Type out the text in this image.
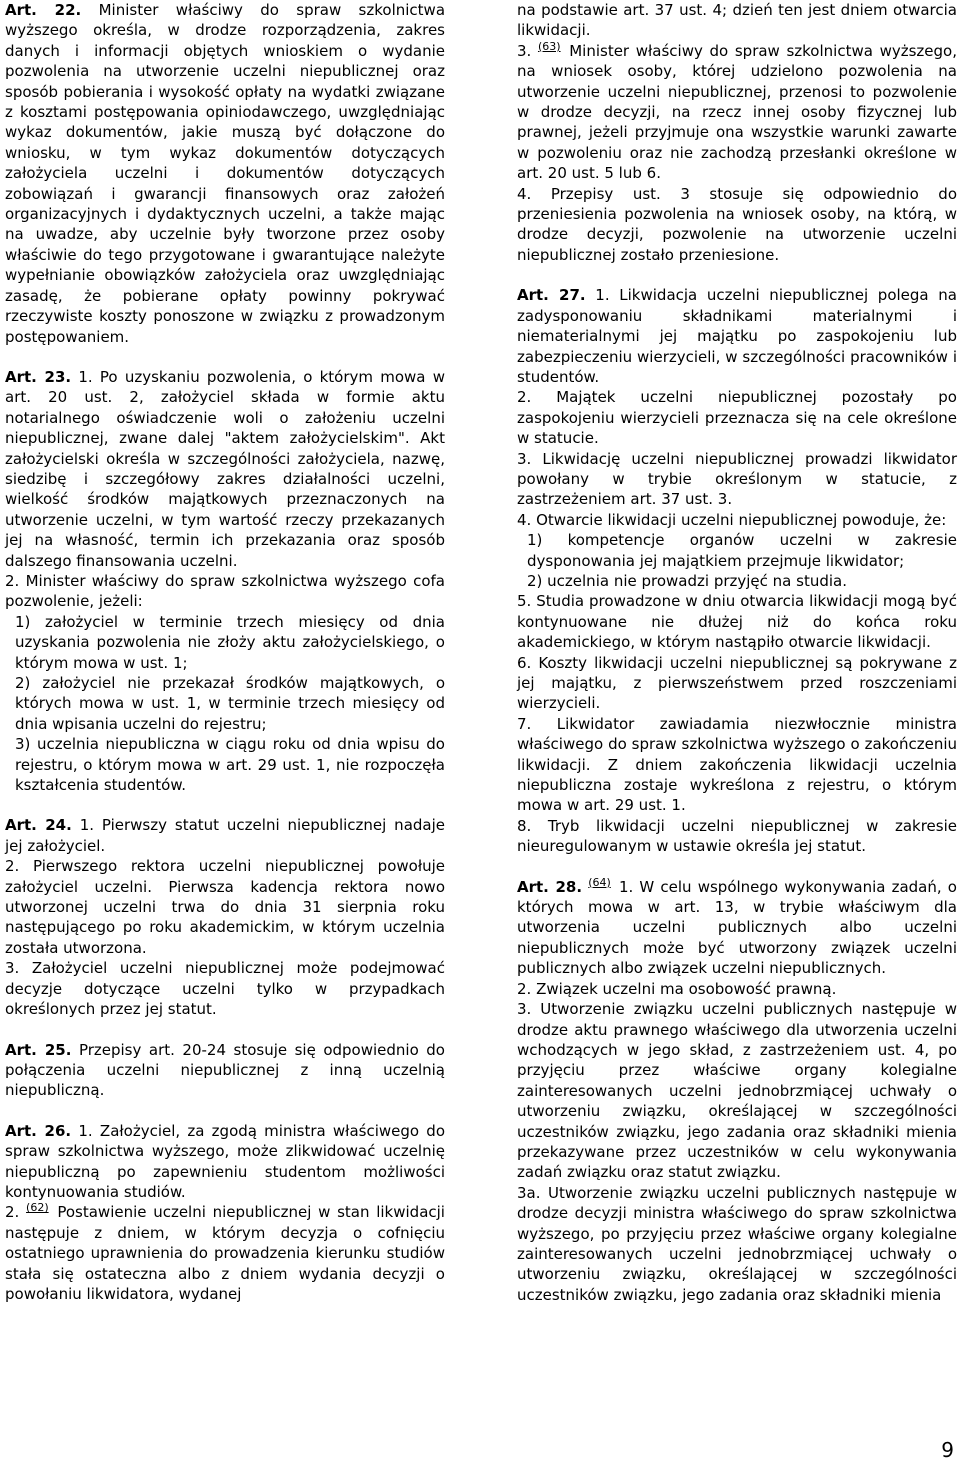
Art. 22. Minister właściwy do spraw szkolnictwa wyższego określa, w drodze rozporządzenia, zakres danych i informacji objętych wnioskiem o wydanie pozwolenia na utworzenie uczelni niepublicznej oraz sposób pobierania i wysokość opłaty na wydatki związane z kosztami postępowania opiniodawczego, uwzględniając wykaz dokumentów, jakie muszą być dołączone do wniosku, w tym wykaz dokumentów dotyczących założyciela uczelni i dokumentów dotyczących zobowiązań i gwarancji finansowych oraz założeń organizacyjnych i dydaktycznych uczelni, a także mając na uwadze, aby uczelnie były tworzone przez osoby właściwie do tego przygotowane i gwarantujące należyte wypełnianie obowiązków założyciela oraz uwzględniając zasadę, że pobierane opłaty powinny pokrywać rzeczywiste koszty ponoszone w związku z prowadzonym postępowaniem.

Art. 23. 1. Po uzyskaniu pozwolenia, o którym mowa w art. 20 ust. 2, założyciel składa w formie aktu notarialnego oświadczenie woli o założeniu uczelni niepublicznej, zwane dalej "aktem założycielskim". Akt założycielski określa w szczególności założyciela, nazwę, siedzibę i szczegółowy zakres działalności uczelni, wielkość środków majątkowych przeznaczonych na utworzenie uczelni, w tym wartość rzeczy przekazanych jej na własność, termin ich przekazania oraz sposób dalszego finansowania uczelni.

2. Minister właściwy do spraw szkolnictwa wyższego cofa pozwolenie, jeżeli:

1) założyciel w terminie trzech miesięcy od dnia uzyskania pozwolenia nie złoży aktu założycielskiego, o którym mowa w ust. 1;

2) założyciel nie przekazał środków majątkowych, o których mowa w ust. 1, w terminie trzech miesięcy od dnia wpisania uczelni do rejestru;

3) uczelnia niepubliczna w ciągu roku od dnia wpisu do rejestru, o którym mowa w art. 29 ust. 1, nie rozpoczęła kształcenia studentów.

Art. 24. 1. Pierwszy statut uczelni niepublicznej nadaje jej założyciel.

2. Pierwszego rektora uczelni niepublicznej powołuje założyciel uczelni. Pierwsza kadencja rektora nowo utworzonej uczelni trwa do dnia 31 sierpnia roku następującego po roku akademickim, w którym uczelnia została utworzona.

3. Założyciel uczelni niepublicznej może podejmować decyzje dotyczące uczelni tylko w przypadkach określonych przez jej statut.

Art. 25. Przepisy art. 20-24 stosuje się odpowiednio do połączenia uczelni niepublicznej z inną uczelnią niepubliczną.

Art. 26. 1. Założyciel, za zgodą ministra właściwego do spraw szkolnictwa wyższego, może zlikwidować uczelnię niepubliczną po zapewnieniu studentom możliwości kontynuowania studiów.

2. $^{(62)}$ Postawienie uczelni niepublicznej w stan likwidacji następuje z dniem, w którym decyzja o cofnięciu ostatniego uprawnienia do prowadzenia kierunku studiów stała się ostateczna albo z dniem wydania decyzji o powołaniu likwidatora, wydanej

na podstawie art. 37 ust. 4; dzień ten jest dniem otwarcia likwidacji.

3. $^{(63)}$ Minister właściwy do spraw szkolnictwa wyższego, na wniosek osoby, której udzielono pozwolenia na utworzenie uczelni niepublicznej, przenosi to pozwolenie w drodze decyzji, na rzecz innej osoby fizycznej lub prawnej, jeżeli przyjmuje ona wszystkie warunki zawarte w pozwoleniu oraz nie zachodzą przesłanki określone w art. 20 ust. 5 lub 6.

4. Przepisy ust. 3 stosuje się odpowiednio do przeniesienia pozwolenia na wniosek osoby, na którą, w drodze decyzji, pozwolenie na utworzenie uczelni niepublicznej zostało przeniesione.

Art. 27. 1. Likwidacja uczelni niepublicznej polega na zadysponowaniu składnikami materialnymi i niematerialnymi jej majątku po zaspokojeniu lub zabezpieczeniu wierzycieli, w szczególności pracowników i studentów.

2. Majątek uczelni niepublicznej pozostały po zaspokojeniu wierzycieli przeznacza się na cele określone w statucie.

3. Likwidację uczelni niepublicznej prowadzi likwidator powołany w trybie określonym w statucie, z zastrzeżeniem art. 37 ust. 3.

4. Otwarcie likwidacji uczelni niepublicznej powoduje, że:

1) kompetencje organów uczelni w zakresie dysponowania jej majątkiem przejmuje likwidator;

2) uczelnia nie prowadzi przyjęć na studia.

5. Studia prowadzone w dniu otwarcia likwidacji mogą być kontynuowane nie dłużej niż do końca roku akademickiego, w którym nastąpiło otwarcie likwidacji.

6. Koszty likwidacji uczelni niepublicznej są pokrywane z jej majątku, z pierwszeństwem przed roszczeniami wierzycieli.

7. Likwidator zawiadamia niezwłocznie ministra właściwego do spraw szkolnictwa wyższego o zakończeniu likwidacji. Z dniem zakończenia likwidacji uczelnia niepubliczna zostaje wykreślona z rejestru, o którym mowa w art. 29 ust. 1.

8. Tryb likwidacji uczelni niepublicznej w zakresie nieuregulowanym w ustawie określa jej statut.

Art. 28. $^{(64)}$ 1. W celu wspólnego wykonywania zadań, o których mowa w art. 13, w trybie właściwym dla utworzenia uczelni publicznych albo uczelni niepublicznych może być utworzony związek uczelni publicznych albo związek uczelni niepublicznych.

2. Związek uczelni ma osobowość prawną.

3. Utworzenie związku uczelni publicznych następuje w drodze aktu prawnego właściwego dla utworzenia uczelni wchodzących w jego skład, z zastrzeżeniem ust. 4, po przyjęciu przez właściwe organy kolegialne zainteresowanych uczelni jednobrzmiącej uchwały o utworzeniu związku, określającej w szczególności uczestników związku, jego zadania oraz składniki mienia przekazywane przez uczestników w celu wykonywania zadań związku oraz statut związku.

3a. Utworzenie związku uczelni publicznych następuje w drodze decyzji ministra właściwego do spraw szkolnictwa wyższego, po przyjęciu przez właściwe organy kolegialne zainteresowanych uczelni jednobrzmiącej uchwały o utworzeniu związku, określającej w szczególności uczestników związku, jego zadania oraz składniki mienia

9
